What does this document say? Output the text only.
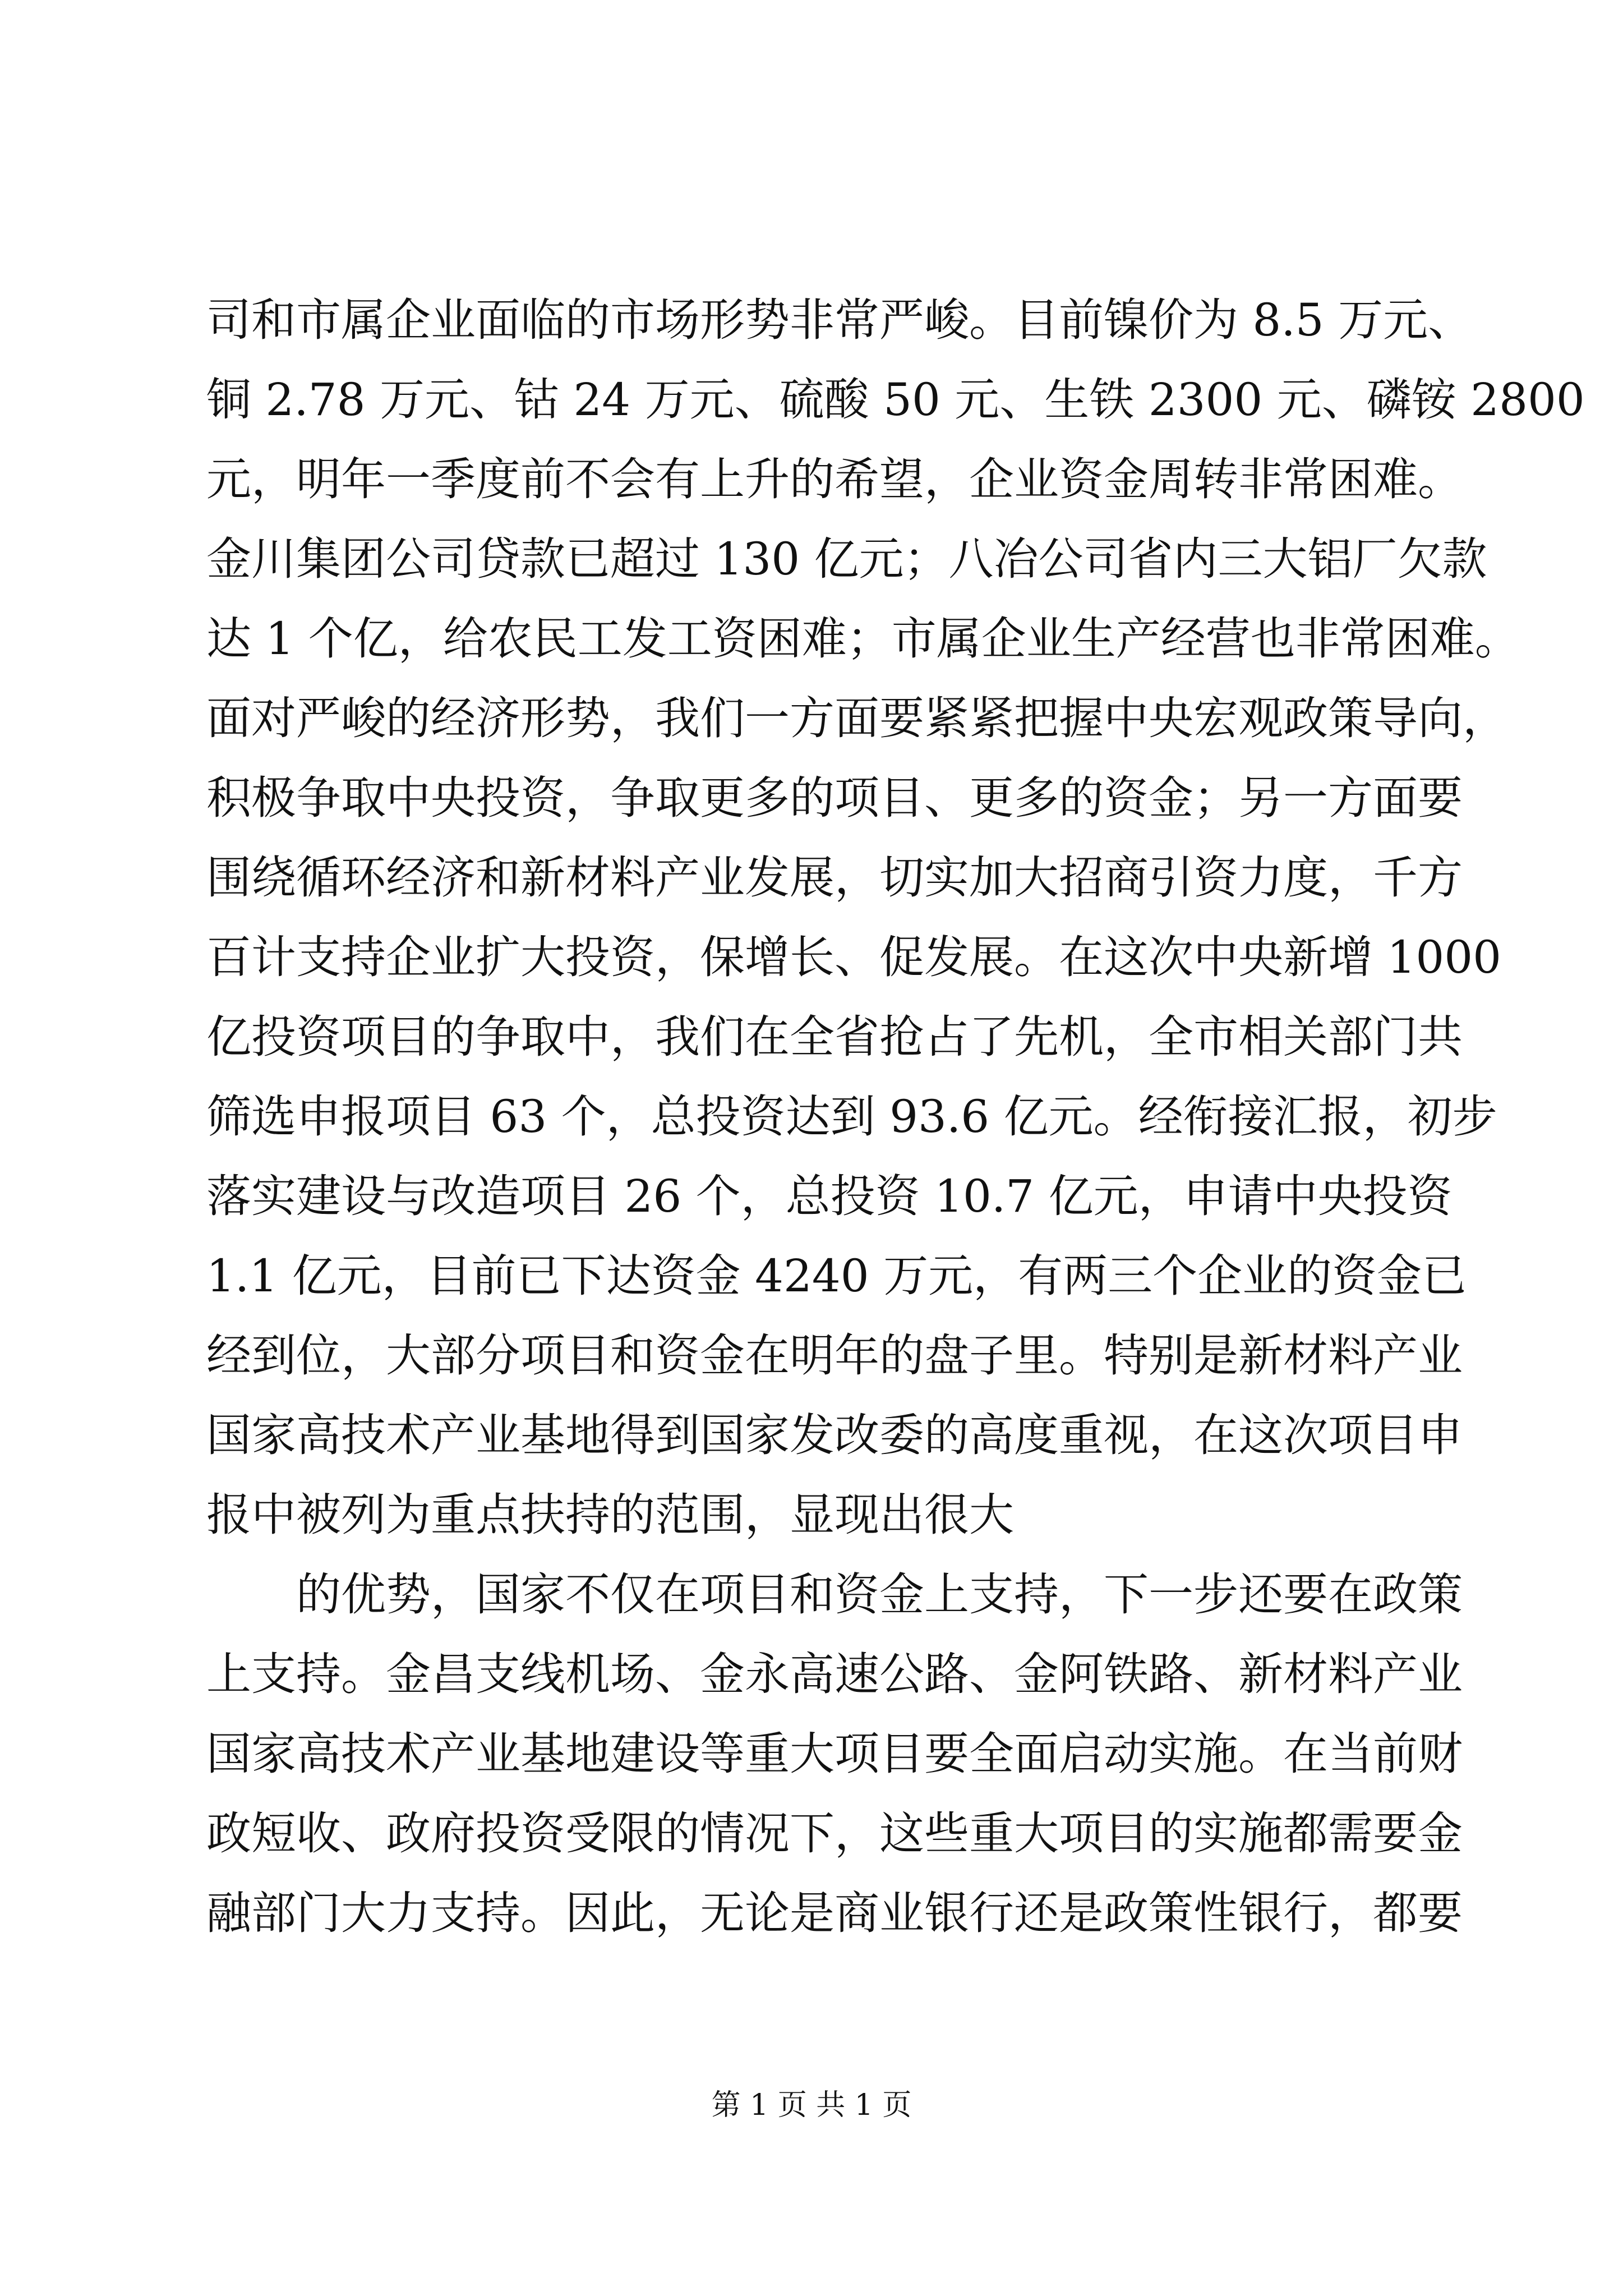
司和市属企业面临的市场形势非常严峻。目前镍价为 8.5 万元、
铜 2.78 万元、钴 24 万元、硫酸 50 元、生铁 2300 元、磷铵 2800
元，明年一季度前不会有上升的希望，企业资金周转非常困难。
金川集团公司贷款已超过 130 亿元；八冶公司省内三大铝厂欠款
达 1 个亿，给农民工发工资困难；市属企业生产经营也非常困难。
面对严峻的经济形势，我们一方面要紧紧把握中央宏观政策导向，
积极争取中央投资，争取更多的项目、更多的资金；另一方面要
围绕循环经济和新材料产业发展，切实加大招商引资力度，千方
百计支持企业扩大投资，保增长、促发展。在这次中央新增 1000
亿投资项目的争取中，我们在全省抢占了先机，全市相关部门共
筛选申报项目 63 个，总投资达到 93.6 亿元。经衔接汇报，初步
落实建设与改造项目 26 个，总投资 10.7 亿元，申请中央投资
1.1 亿元，目前已下达资金 4240 万元，有两三个企业的资金已
经到位，大部分项目和资金在明年的盘子里。特别是新材料产业
国家高技术产业基地得到国家发改委的高度重视，在这次项目申
报中被列为重点扶持的范围，显现出很大
的优势，国家不仅在项目和资金上支持，下一步还要在政策
上支持。金昌支线机场、金永高速公路、金阿铁路、新材料产业
国家高技术产业基地建设等重大项目要全面启动实施。在当前财
政短收、政府投资受限的情况下，这些重大项目的实施都需要金
融部门大力支持。因此，无论是商业银行还是政策性银行，都要
第 1 页 共 1 页
